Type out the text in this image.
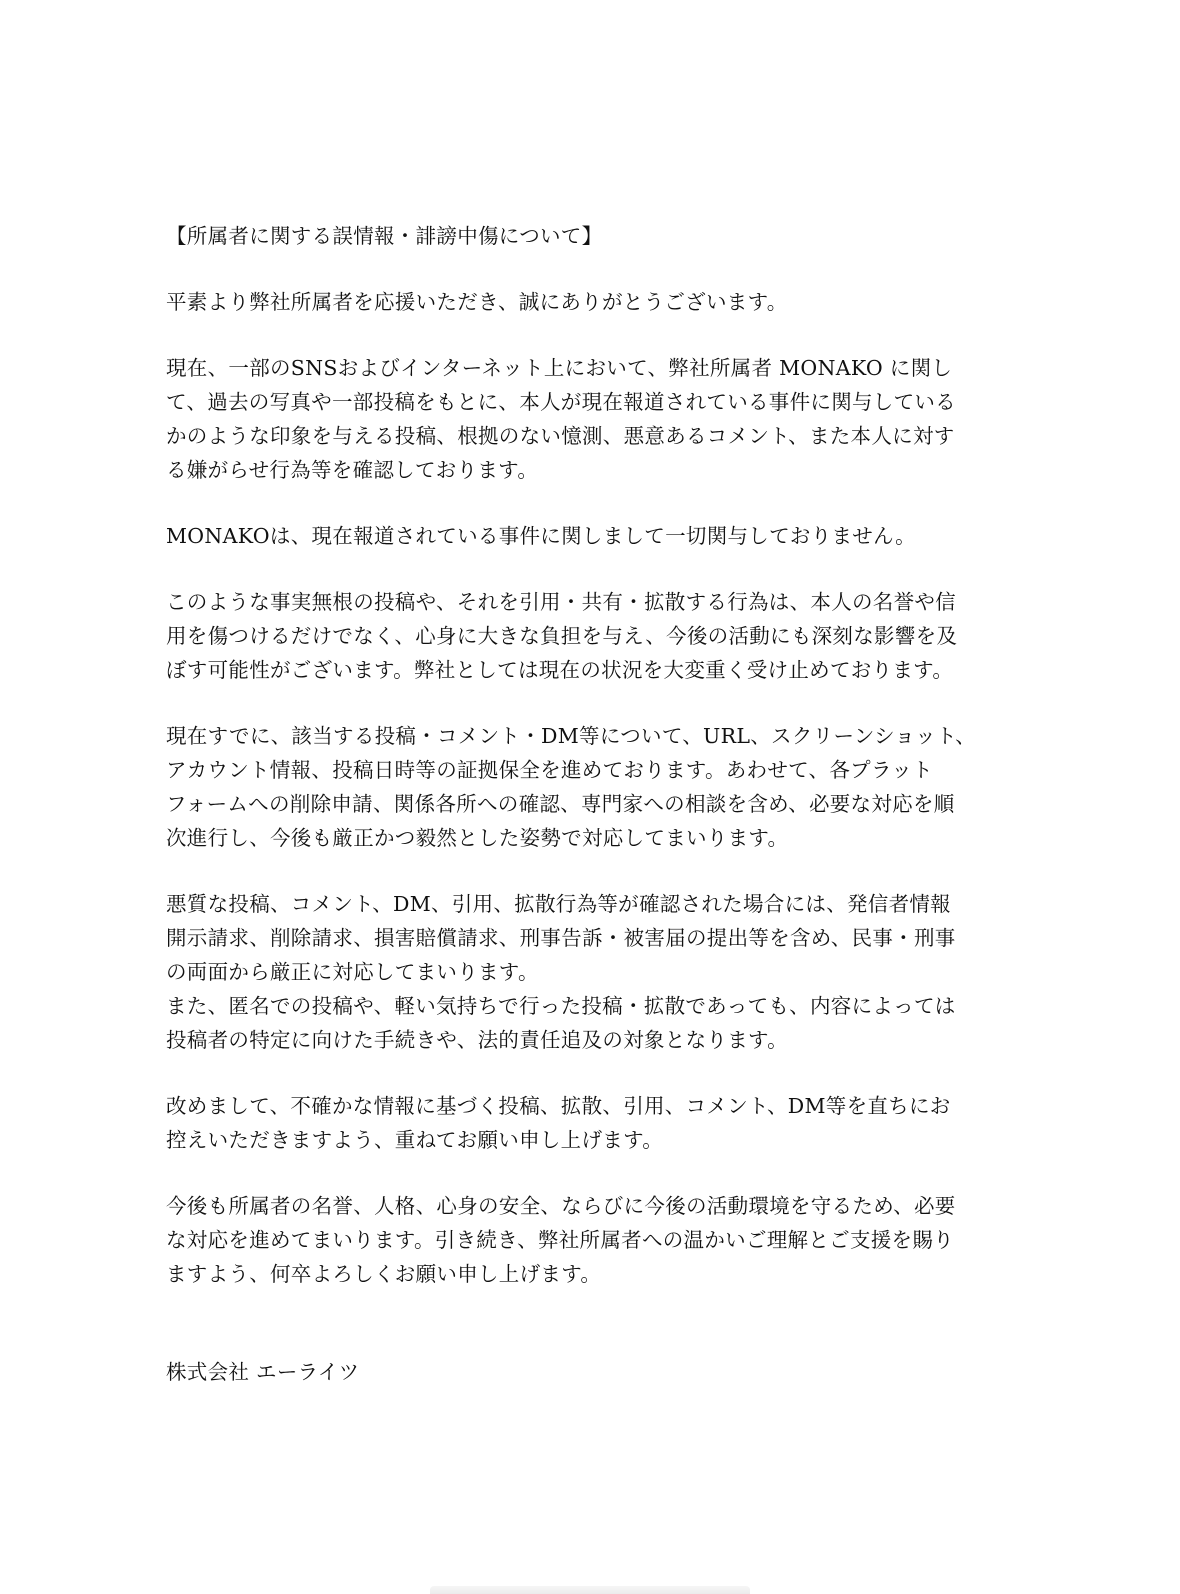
【所属者に関する誤情報・誹謗中傷について】
平素より弊社所属者を応援いただき、誠にありがとうございます。
現在、一部のSNSおよびインターネット上において、弊社所属者 MONAKO に関し
て、過去の写真や一部投稿をもとに、本人が現在報道されている事件に関与している
かのような印象を与える投稿、根拠のない憶測、悪意あるコメント、また本人に対す
る嫌がらせ行為等を確認しております。
MONAKOは、現在報道されている事件に関しまして一切関与しておりません。
このような事実無根の投稿や、それを引用・共有・拡散する行為は、本人の名誉や信
用を傷つけるだけでなく、心身に大きな負担を与え、今後の活動にも深刻な影響を及
ぼす可能性がございます。弊社としては現在の状況を大変重く受け止めております。
現在すでに、該当する投稿・コメント・DM等について、URL、スクリーンショット、
アカウント情報、投稿日時等の証拠保全を進めております。あわせて、各プラット
フォームへの削除申請、関係各所への確認、専門家への相談を含め、必要な対応を順
次進行し、今後も厳正かつ毅然とした姿勢で対応してまいります。
悪質な投稿、コメント、DM、引用、拡散行為等が確認された場合には、発信者情報
開示請求、削除請求、損害賠償請求、刑事告訴・被害届の提出等を含め、民事・刑事
の両面から厳正に対応してまいります。
また、匿名での投稿や、軽い気持ちで行った投稿・拡散であっても、内容によっては
投稿者の特定に向けた手続きや、法的責任追及の対象となります。
改めまして、不確かな情報に基づく投稿、拡散、引用、コメント、DM等を直ちにお
控えいただきますよう、重ねてお願い申し上げます。
今後も所属者の名誉、人格、心身の安全、ならびに今後の活動環境を守るため、必要
な対応を進めてまいります。引き続き、弊社所属者への温かいご理解とご支援を賜り
ますよう、何卒よろしくお願い申し上げます。
株式会社 エーライツ
